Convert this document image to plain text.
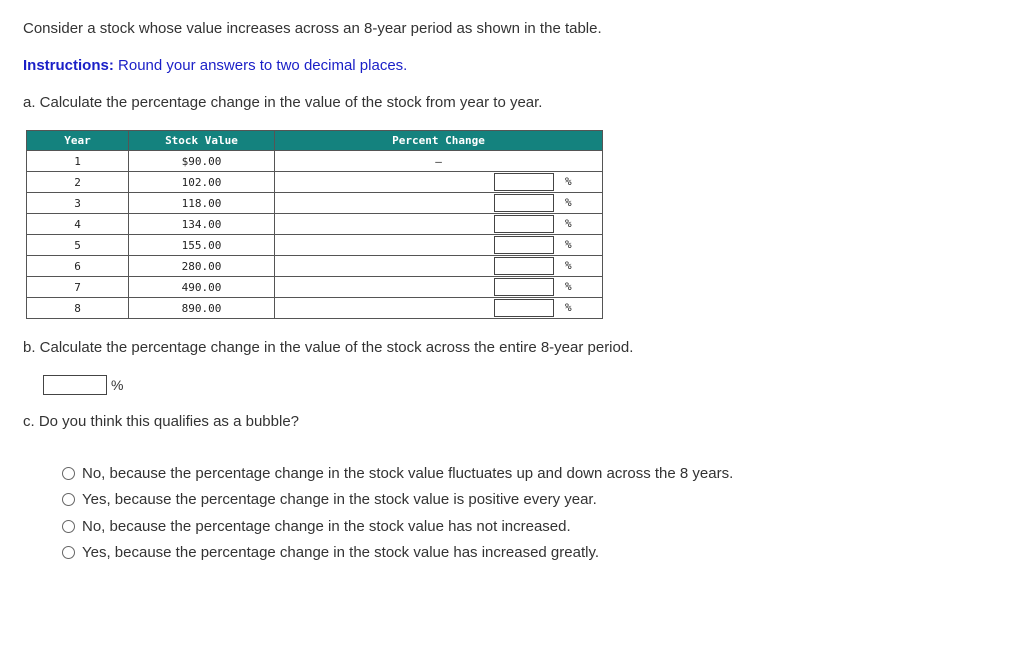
Consider a stock whose value increases across an 8-year period as shown in the table.
Instructions: Round your answers to two decimal places.
a. Calculate the percentage change in the value of the stock from year to year.
Year	Stock Value	Percent Change
1	$90.00	–
2	102.00	%

3	118.00	%

4	134.00	%

5	155.00	%

6	280.00	%

7	490.00	%

8	890.00	%
b. Calculate the percentage change in the value of the stock across the entire 8-year period.
%
c. Do you think this qualifies as a bubble?
No, because the percentage change in the stock value fluctuates up and down across the 8 years.
Yes, because the percentage change in the stock value is positive every year.
No, because the percentage change in the stock value has not increased.
Yes, because the percentage change in the stock value has increased greatly.
